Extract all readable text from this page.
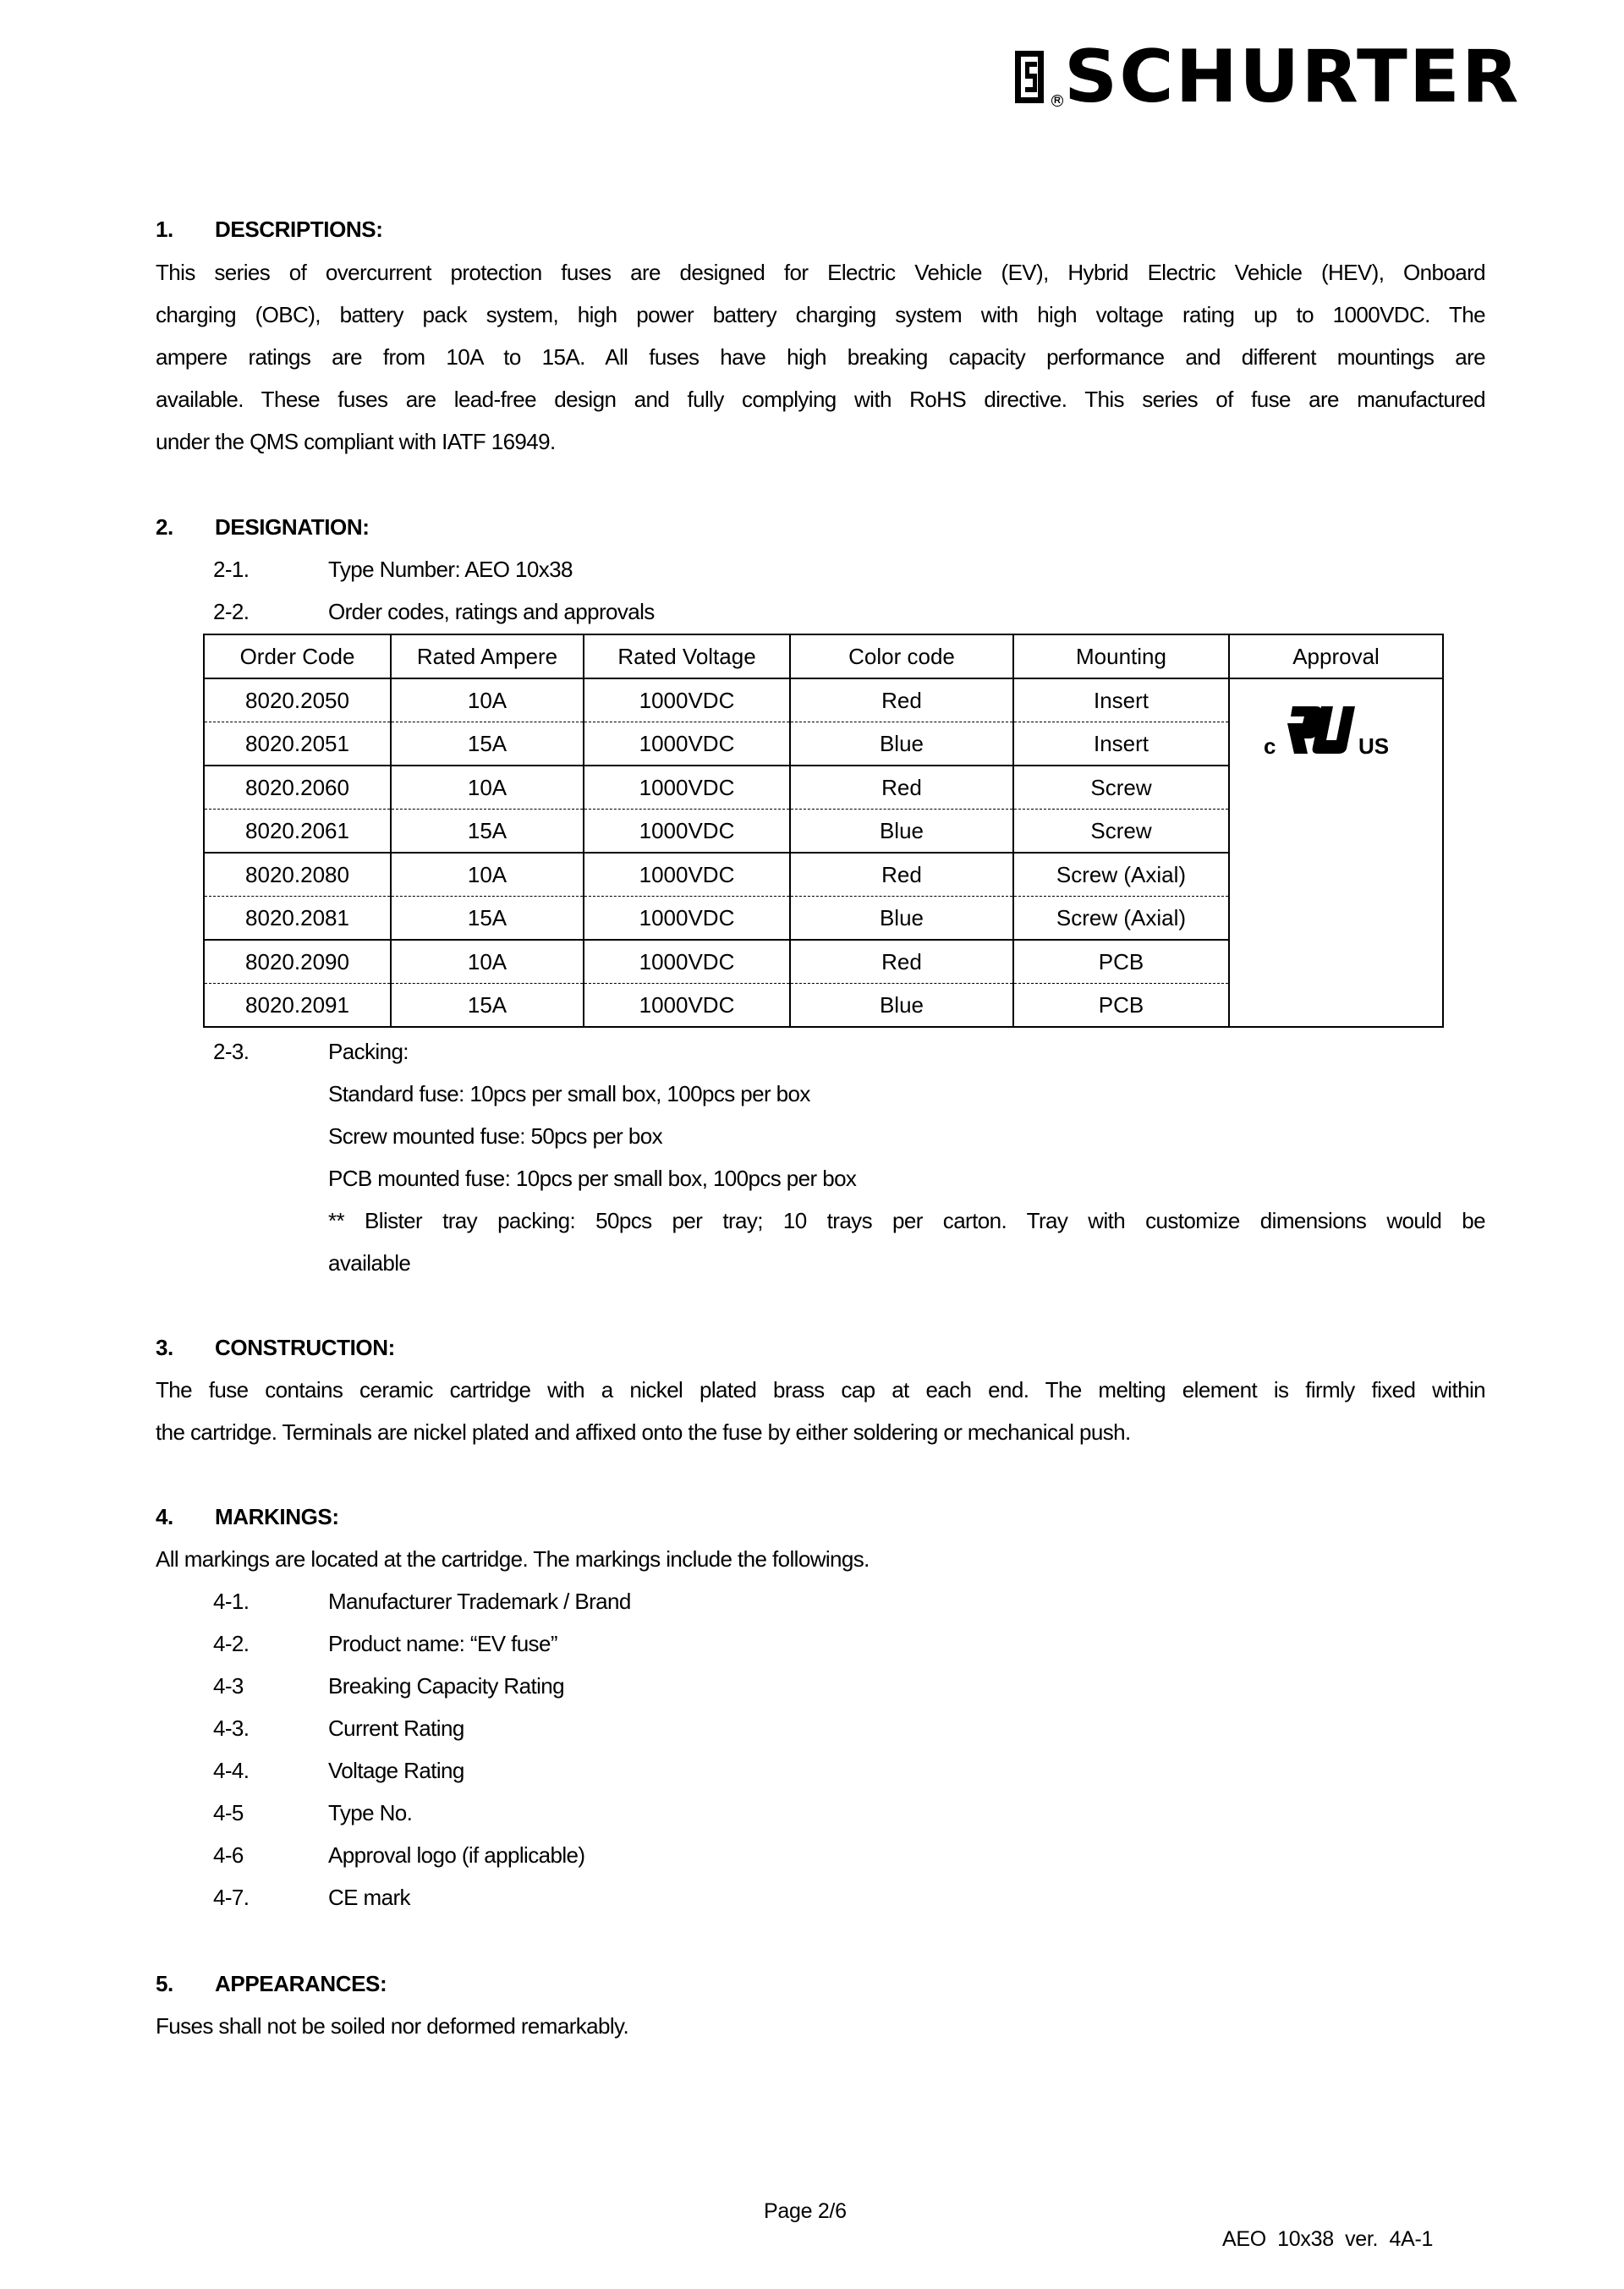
R SCHURTER
1. DESCRIPTIONS:
This series of overcurrent protection fuses are designed for Electric Vehicle (EV), Hybrid Electric Vehicle (HEV), Onboard
charging (OBC), battery pack system, high power battery charging system with high voltage rating up to 1000VDC. The
ampere ratings are from 10A to 15A. All fuses have high breaking capacity performance and different mountings are
available. These fuses are lead-free design and fully complying with RoHS directive. This series of fuse are manufactured
under the QMS compliant with IATF 16949.
2. DESIGNATION:
2-1.	Type Number: AEO 10x38
2-2.	Order codes, ratings and approvals
Order Code	Rated Ampere	Rated Voltage	Color code	Mounting	Approval
8020.2050	10A	1000VDC	Red	Insert	c US

8020.2051	15A	1000VDC	Blue	Insert	
8020.2060	10A	1000VDC	Red	Screw	
8020.2061	15A	1000VDC	Blue	Screw	
8020.2080	10A	1000VDC	Red	Screw (Axial)	
8020.2081	15A	1000VDC	Blue	Screw (Axial)	
8020.2090	10A	1000VDC	Red	PCB	
8020.2091	15A	1000VDC	Blue	PCB	
2-3.	Packing:
Standard fuse: 10pcs per small box, 100pcs per box
Screw mounted fuse: 50pcs per box
PCB mounted fuse: 10pcs per small box, 100pcs per box
** Blister tray packing: 50pcs per tray; 10 trays per carton. Tray with customize dimensions would be
available
3. CONSTRUCTION:
The fuse contains ceramic cartridge with a nickel plated brass cap at each end. The melting element is firmly fixed within
the cartridge. Terminals are nickel plated and affixed onto the fuse by either soldering or mechanical push.
4. MARKINGS:
All markings are located at the cartridge. The markings include the followings.
4-1.	Manufacturer Trademark / Brand
4-2.	Product name: “EV fuse”
4-3	Breaking Capacity Rating
4-3.	Current Rating
4-4.	Voltage Rating
4-5	Type No.
4-6	Approval logo (if applicable)
4-7.	CE mark
5. APPEARANCES:
Fuses shall not be soiled nor deformed remarkably.
Page 2/6
AEO  10x38  ver.  4A-1
